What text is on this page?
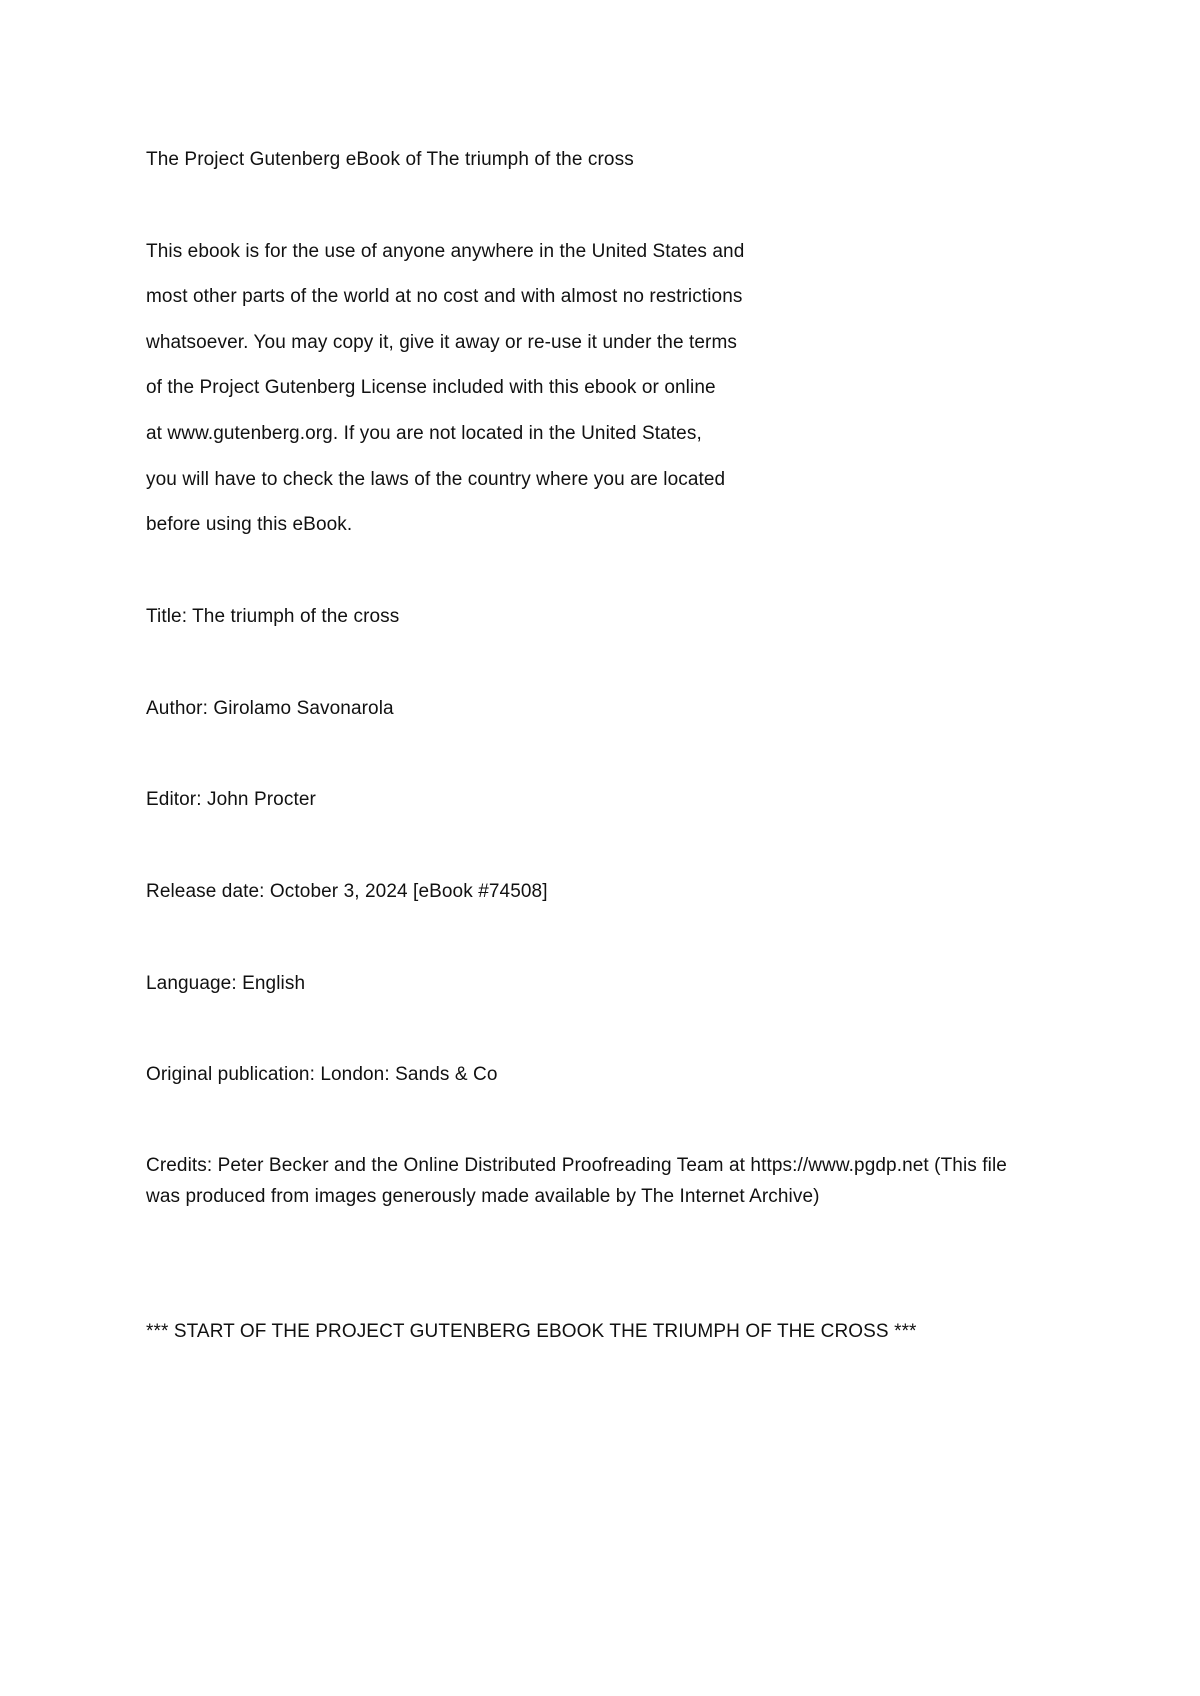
The Project Gutenberg eBook of The triumph of the cross
This ebook is for the use of anyone anywhere in the United States and
most other parts of the world at no cost and with almost no restrictions
whatsoever. You may copy it, give it away or re-use it under the terms
of the Project Gutenberg License included with this ebook or online
at www.gutenberg.org. If you are not located in the United States,
you will have to check the laws of the country where you are located
before using this eBook.
Title: The triumph of the cross
Author: Girolamo Savonarola
Editor: John Procter
Release date: October 3, 2024 [eBook #74508]
Language: English
Original publication: London: Sands & Co
Credits: Peter Becker and the Online Distributed Proofreading Team at https://www.pgdp.net (This file was produced from images generously made available by The Internet Archive)
*** START OF THE PROJECT GUTENBERG EBOOK THE TRIUMPH OF THE CROSS ***
